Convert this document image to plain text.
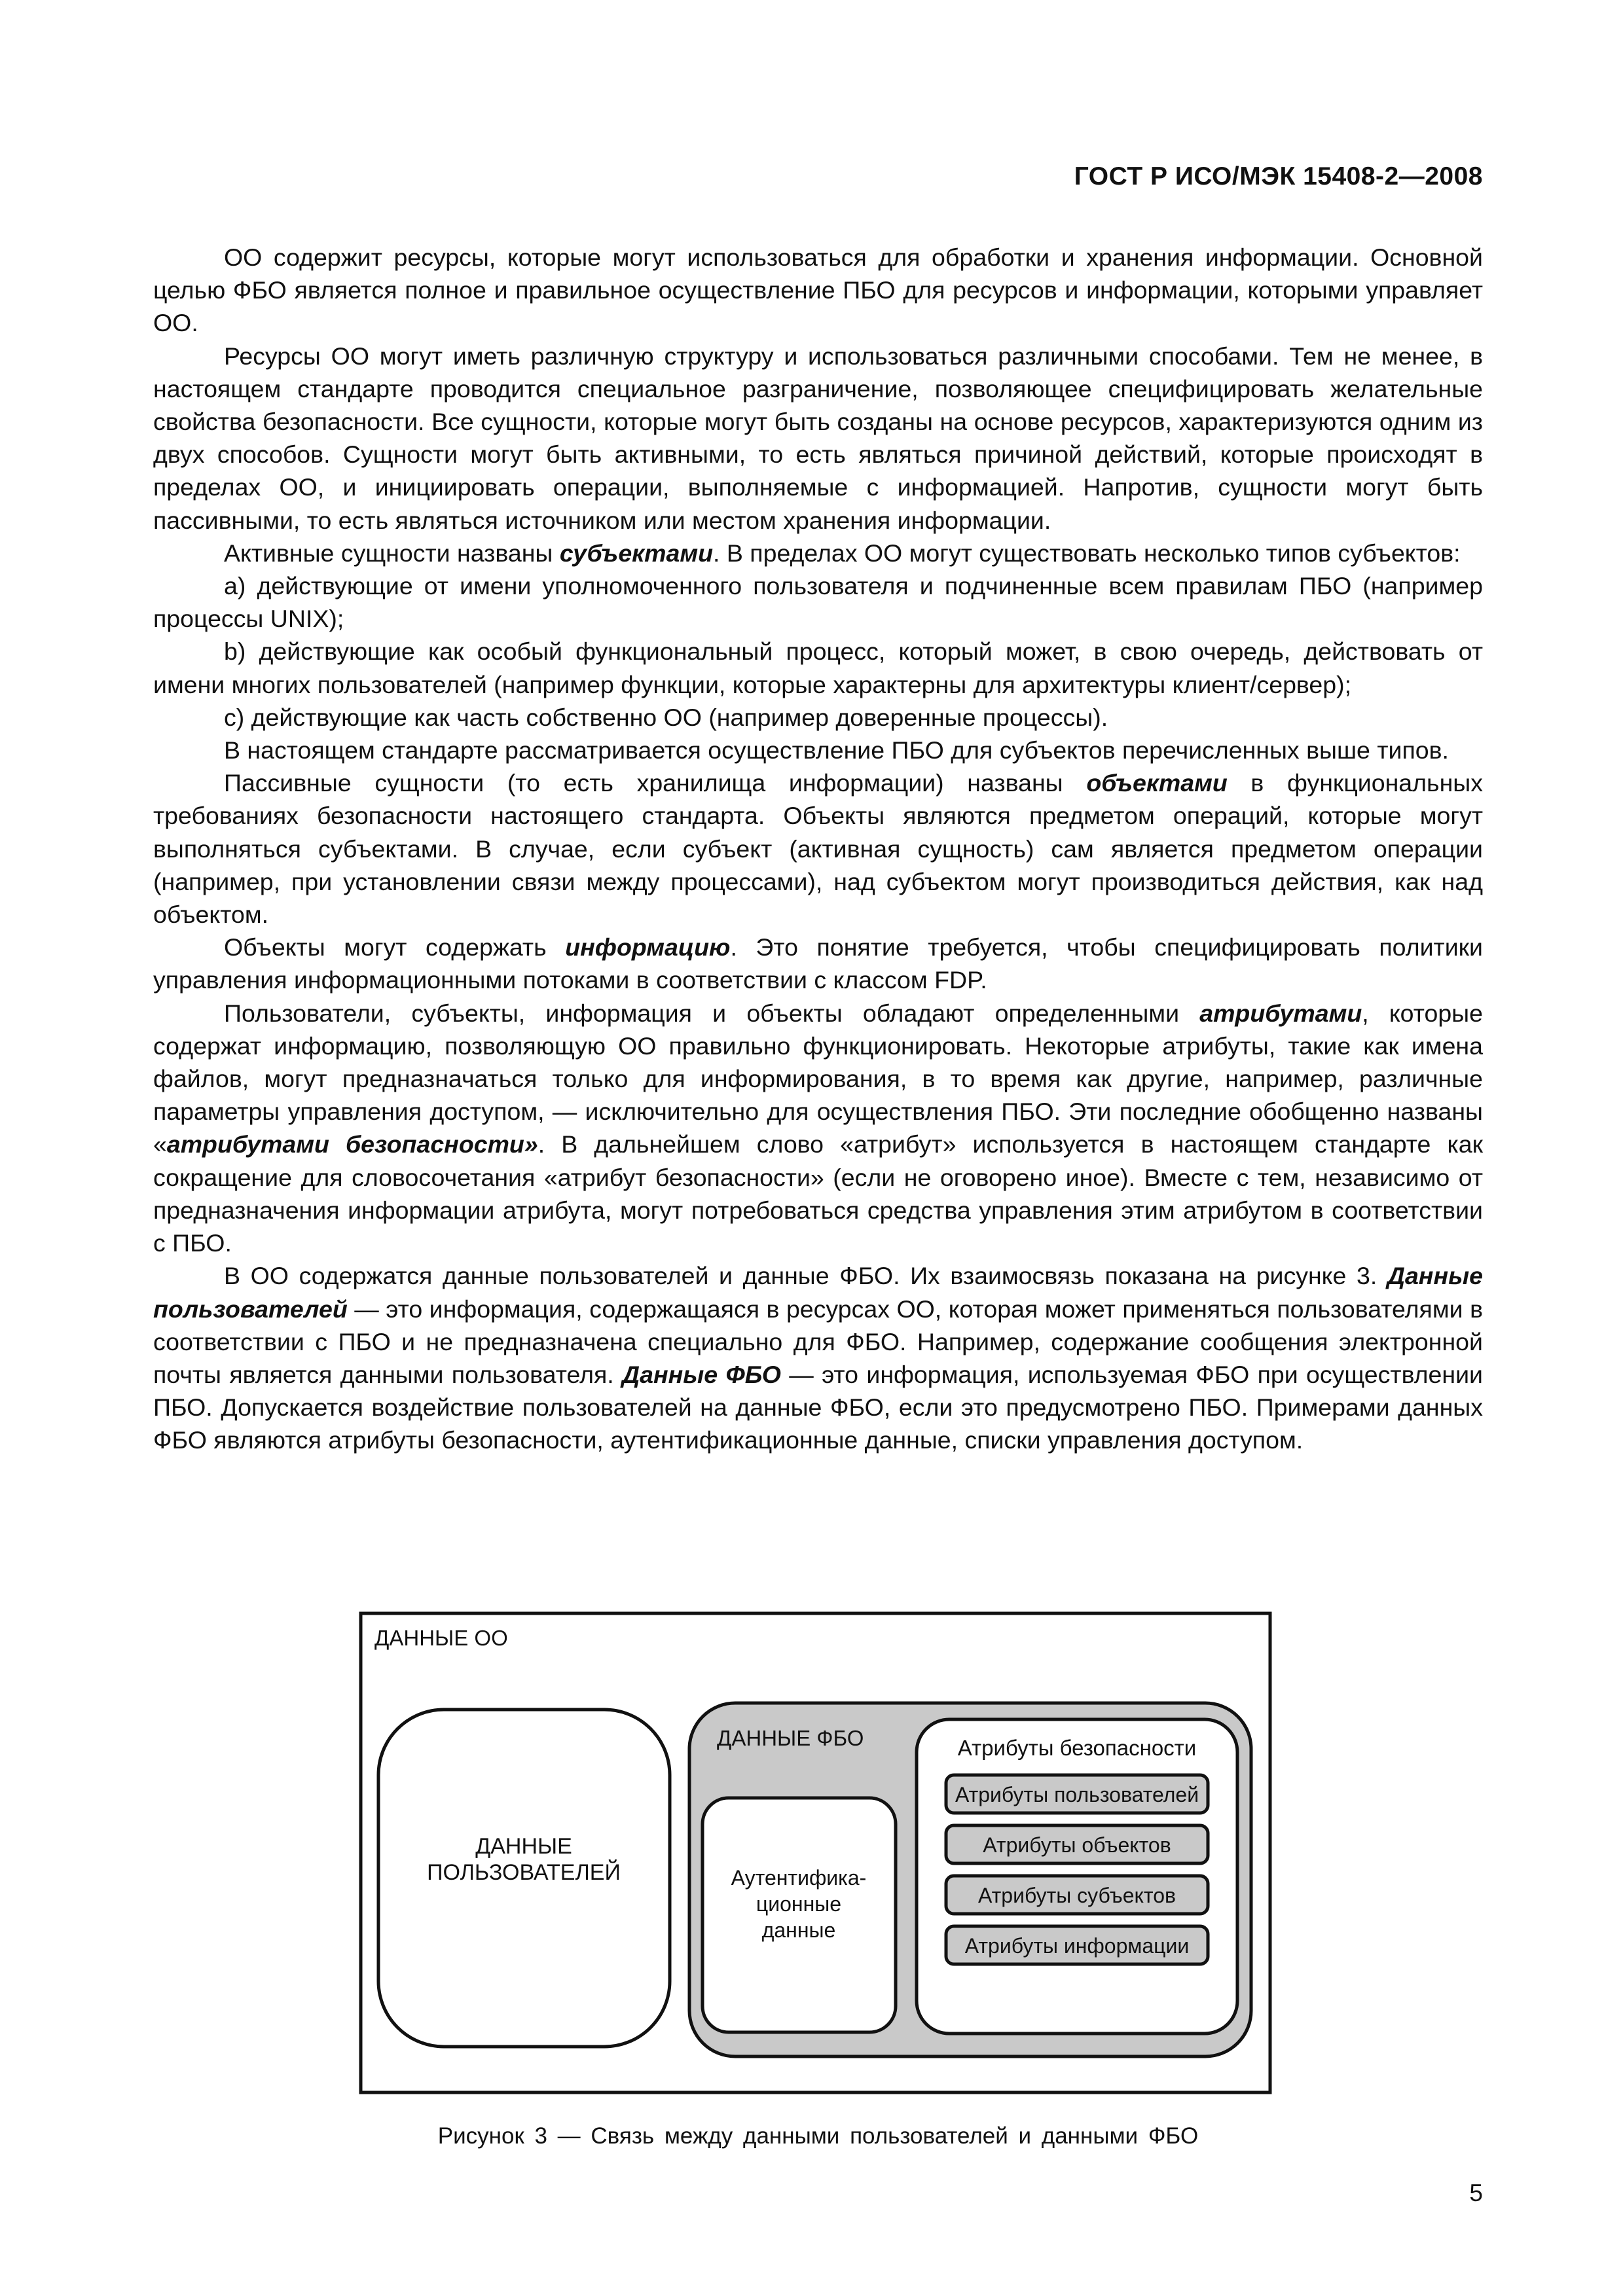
ГОСТ Р ИСО/МЭК 15408-2—2008

ОО содержит ресурсы, которые могут использоваться для обработки и хранения информации. Основной целью ФБО является полное и правильное осуществление ПБО для ресурсов и информации, которыми управляет ОО.

Ресурсы ОО могут иметь различную структуру и использоваться различными способами. Тем не менее, в настоящем стандарте проводится специальное разграничение, позволяющее специфицировать желательные свойства безопасности. Все сущности, которые могут быть созданы на основе ресурсов, характеризуются одним из двух способов. Сущности могут быть активными, то есть являться причиной действий, которые происходят в пределах ОО, и инициировать операции, выполняемые с информацией. Напротив, сущности могут быть пассивными, то есть являться источником или местом хранения информации.

Активные сущности названы субъектами. В пределах ОО могут существовать несколько типов субъектов:

a) действующие от имени уполномоченного пользователя и подчиненные всем правилам ПБО (например процессы UNIX);

b) действующие как особый функциональный процесс, который может, в свою очередь, действовать от имени многих пользователей (например функции, которые характерны для архитектуры клиент/сервер);

c) действующие как часть собственно ОО (например доверенные процессы).

В настоящем стандарте рассматривается осуществление ПБО для субъектов перечисленных выше типов.

Пассивные сущности (то есть хранилища информации) названы объектами в функциональных требованиях безопасности настоящего стандарта. Объекты являются предметом операций, которые могут выполняться субъектами. В случае, если субъект (активная сущность) сам является предметом операции (например, при установлении связи между процессами), над субъектом могут производиться действия, как над объектом.

Объекты могут содержать информацию. Это понятие требуется, чтобы специфицировать политики управления информационными потоками в соответствии с классом FDP.

Пользователи, субъекты, информация и объекты обладают определенными атрибутами, которые содержат информацию, позволяющую ОО правильно функционировать. Некоторые атрибуты, такие как имена файлов, могут предназначаться только для информирования, в то время как другие, например, различные параметры управления доступом, — исключительно для осуществления ПБО. Эти последние обобщенно названы «атрибутами безопасности». В дальнейшем слово «атрибут» используется в настоящем стандарте как сокращение для словосочетания «атрибут безопасности» (если не оговорено иное). Вместе с тем, независимо от предназначения информации атрибута, могут потребоваться средства управления этим атрибутом в соответствии с ПБО.

В ОО содержатся данные пользователей и данные ФБО. Их взаимосвязь показана на рисунке 3. Данные пользователей — это информация, содержащаяся в ресурсах ОО, которая может применяться пользователями в соответствии с ПБО и не предназначена специально для ФБО. Например, содержание сообщения электронной почты является данными пользователя. Данные ФБО — это информация, используемая ФБО при осуществлении ПБО. Допускается воздействие пользователей на данные ФБО, если это предусмотрено ПБО. Примерами данных ФБО являются атрибуты безопасности, аутентификационные данные, списки управления доступом.

ДАННЫЕ ОО
ДАННЫЕ
ПОЛЬЗОВАТЕЛЕЙ
ДАННЫЕ ФБО
Аутентифика-
ционные
данные
Атрибуты безопасности
Атрибуты пользователей
Атрибуты объектов
Атрибуты субъектов
Атрибуты информации
Рисунок 3 — Связь между данными пользователей и данными ФБО
5
